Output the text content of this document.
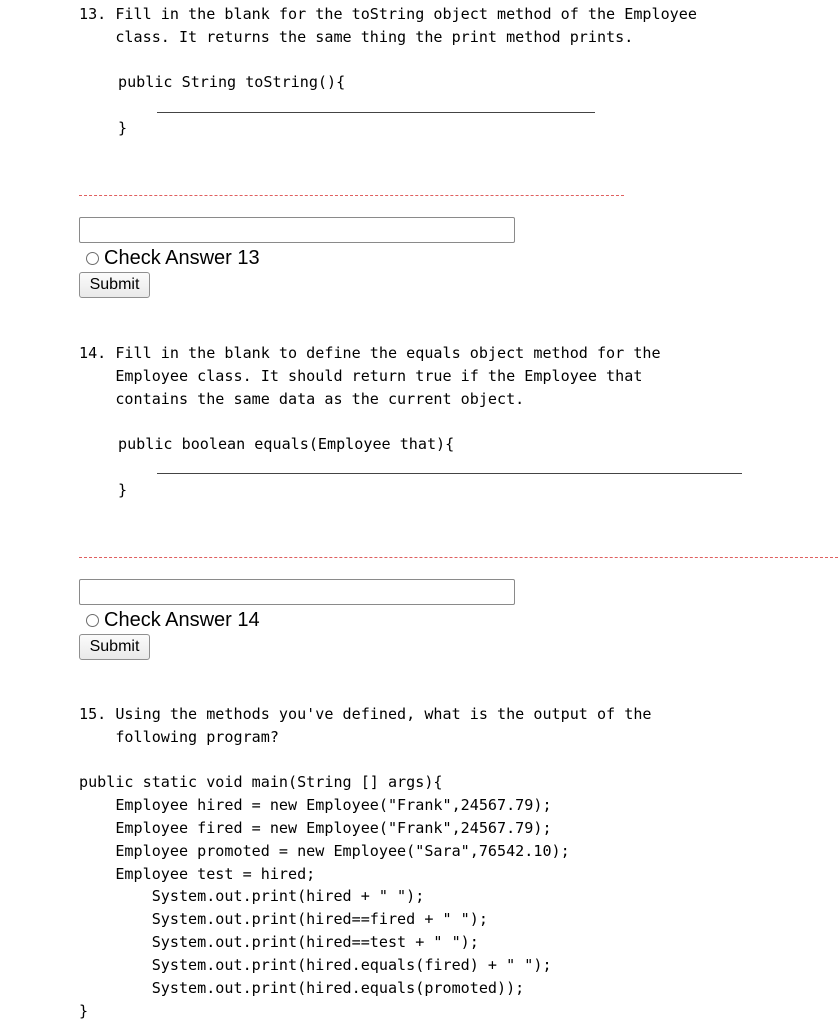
13. Fill in the blank for the toString object method of the Employee
class. It returns the same thing the print method prints.
public String toString(){
}
Check Answer 13
Submit
14. Fill in the blank to define the equals object method for the
Employee class. It should return true if the Employee that
contains the same data as the current object.
public boolean equals(Employee that){
}
Check Answer 14
Submit
15. Using the methods you've defined, what is the output of the
following program?
public static void main(String [] args){
Employee hired = new Employee("Frank",24567.79);
Employee fired = new Employee("Frank",24567.79);
Employee promoted = new Employee("Sara",76542.10);
Employee test = hired;
System.out.print(hired + " ");
System.out.print(hired==fired + " ");
System.out.print(hired==test + " ");
System.out.print(hired.equals(fired) + " ");
System.out.print(hired.equals(promoted));
}
